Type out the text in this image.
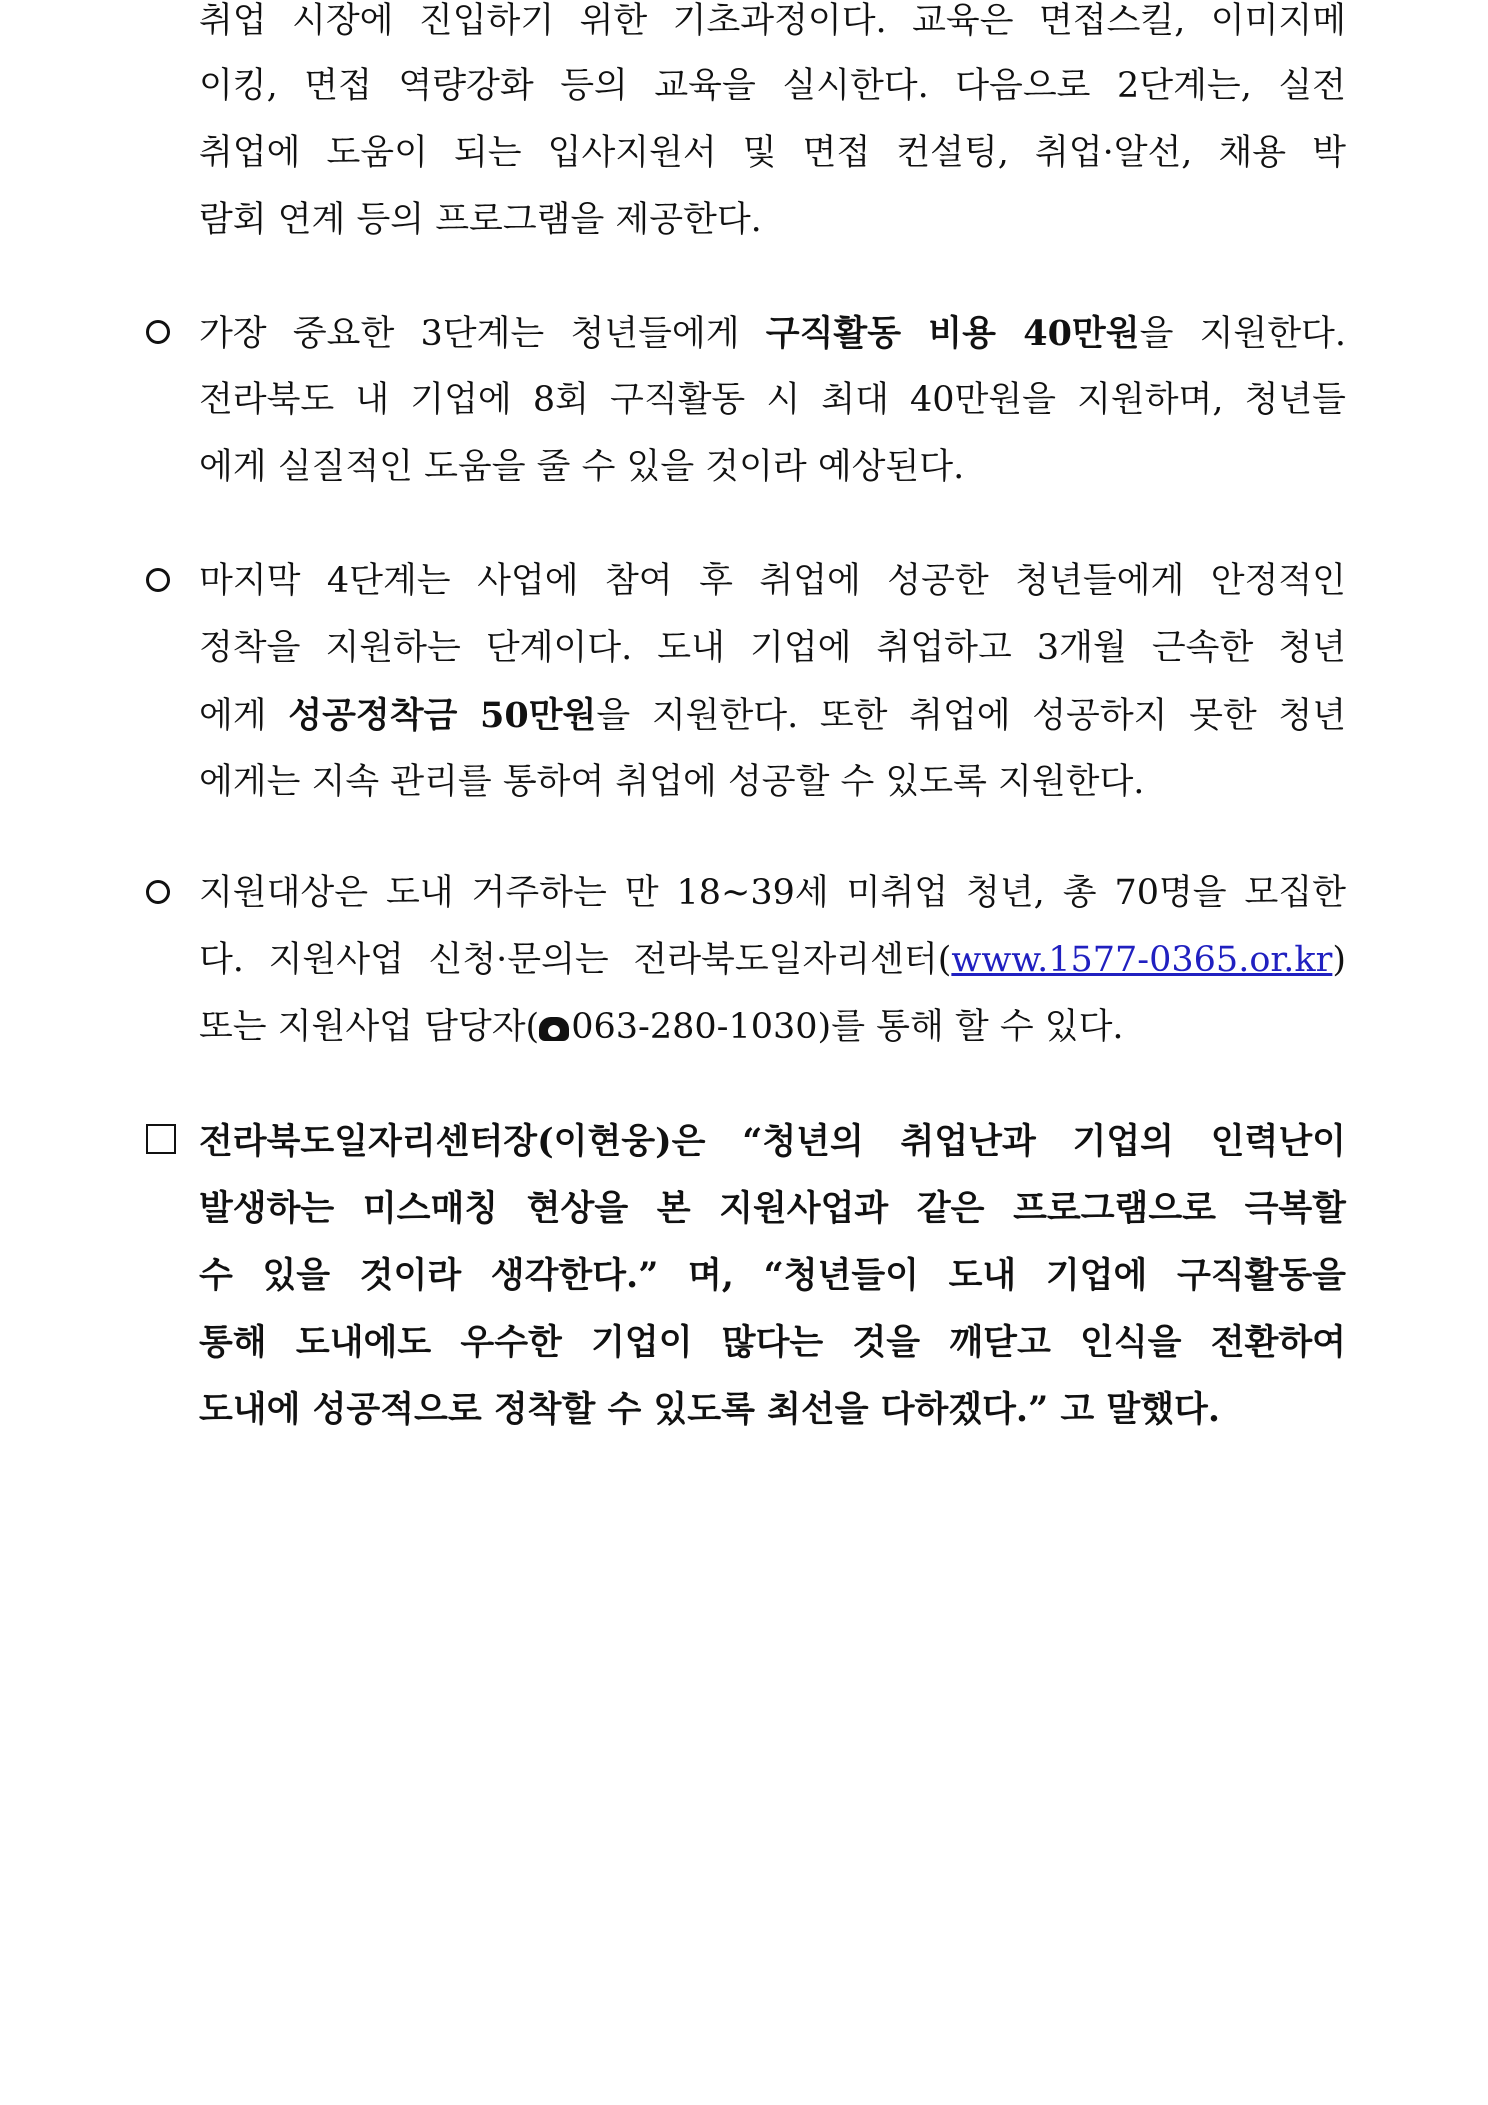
취업 시장에 진입하기 위한 기초과정이다. 교육은 면접스킬, 이미지메
이킹, 면접 역량강화 등의 교육을 실시한다. 다음으로 2단계는, 실전
취업에 도움이 되는 입사지원서 및 면접 컨설팅, 취업·알선, 채용 박
람회 연계 등의 프로그램을 제공한다.
가장 중요한 3단계는 청년들에게 구직활동 비용 40만원을 지원한다.
전라북도 내 기업에 8회 구직활동 시 최대 40만원을 지원하며, 청년들
에게 실질적인 도움을 줄 수 있을 것이라 예상된다.
마지막 4단계는 사업에 참여 후 취업에 성공한 청년들에게 안정적인
정착을 지원하는 단계이다. 도내 기업에 취업하고 3개월 근속한 청년
에게 성공정착금 50만원을 지원한다. 또한 취업에 성공하지 못한 청년
에게는 지속 관리를 통하여 취업에 성공할 수 있도록 지원한다.
지원대상은 도내 거주하는 만 18~39세 미취업 청년, 총 70명을 모집한
다. 지원사업 신청·문의는 전라북도일자리센터(www.1577-0365.or.kr)
또는 지원사업 담당자( 063-280-1030)를 통해 할 수 있다.
전라북도일자리센터장(이현웅)은 “청년의 취업난과 기업의 인력난이
발생하는 미스매칭 현상을 본 지원사업과 같은 프로그램으로 극복할
수 있을 것이라 생각한다.” 며, “청년들이 도내 기업에 구직활동을
통해 도내에도 우수한 기업이 많다는 것을 깨닫고 인식을 전환하여
도내에 성공적으로 정착할 수 있도록 최선을 다하겠다.” 고 말했다.
